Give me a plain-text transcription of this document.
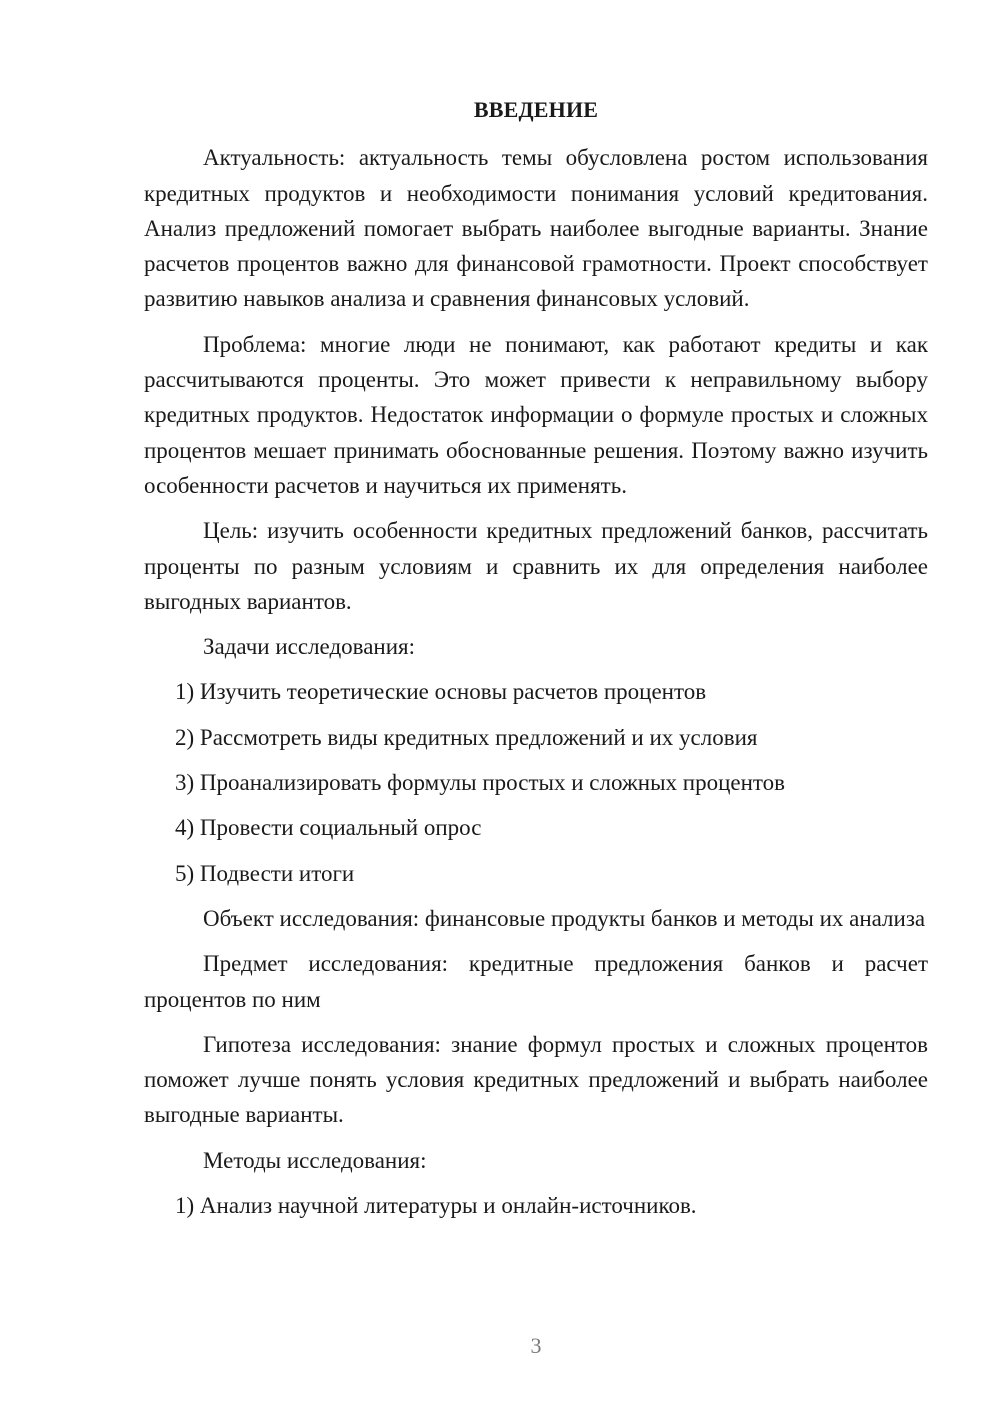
ВВЕДЕНИЕ

Актуальность: актуальность темы обусловлена ростом использования кредитных продуктов и необходимости понимания условий кредитования. Анализ предложений помогает выбрать наиболее выгодные варианты. Знание расчетов процентов важно для финансовой грамотности. Проект способствует развитию навыков анализа и сравнения финансовых условий.

Проблема: многие люди не понимают, как работают кредиты и как рассчитываются проценты. Это может привести к неправильному выбору кредитных продуктов. Недостаток информации о формуле простых и сложных процентов мешает принимать обоснованные решения. Поэтому важно изучить особенности расчетов и научиться их применять.

Цель: изучить особенности кредитных предложений банков, рассчитать проценты по разным условиям и сравнить их для определения наиболее выгодных вариантов.

Задачи исследования:
1) Изучить теоретические основы расчетов процентов
2) Рассмотреть виды кредитных предложений и их условия
3) Проанализировать формулы простых и сложных процентов
4) Провести социальный опрос
5) Подвести итоги

Объект исследования: финансовые продукты банков и методы их анализа

Предмет исследования: кредитные предложения банков и расчет процентов по ним

Гипотеза исследования: знание формул простых и сложных процентов поможет лучше понять условия кредитных предложений и выбрать наиболее выгодные варианты.

Методы исследования:
1) Анализ научной литературы и онлайн-источников.
3
